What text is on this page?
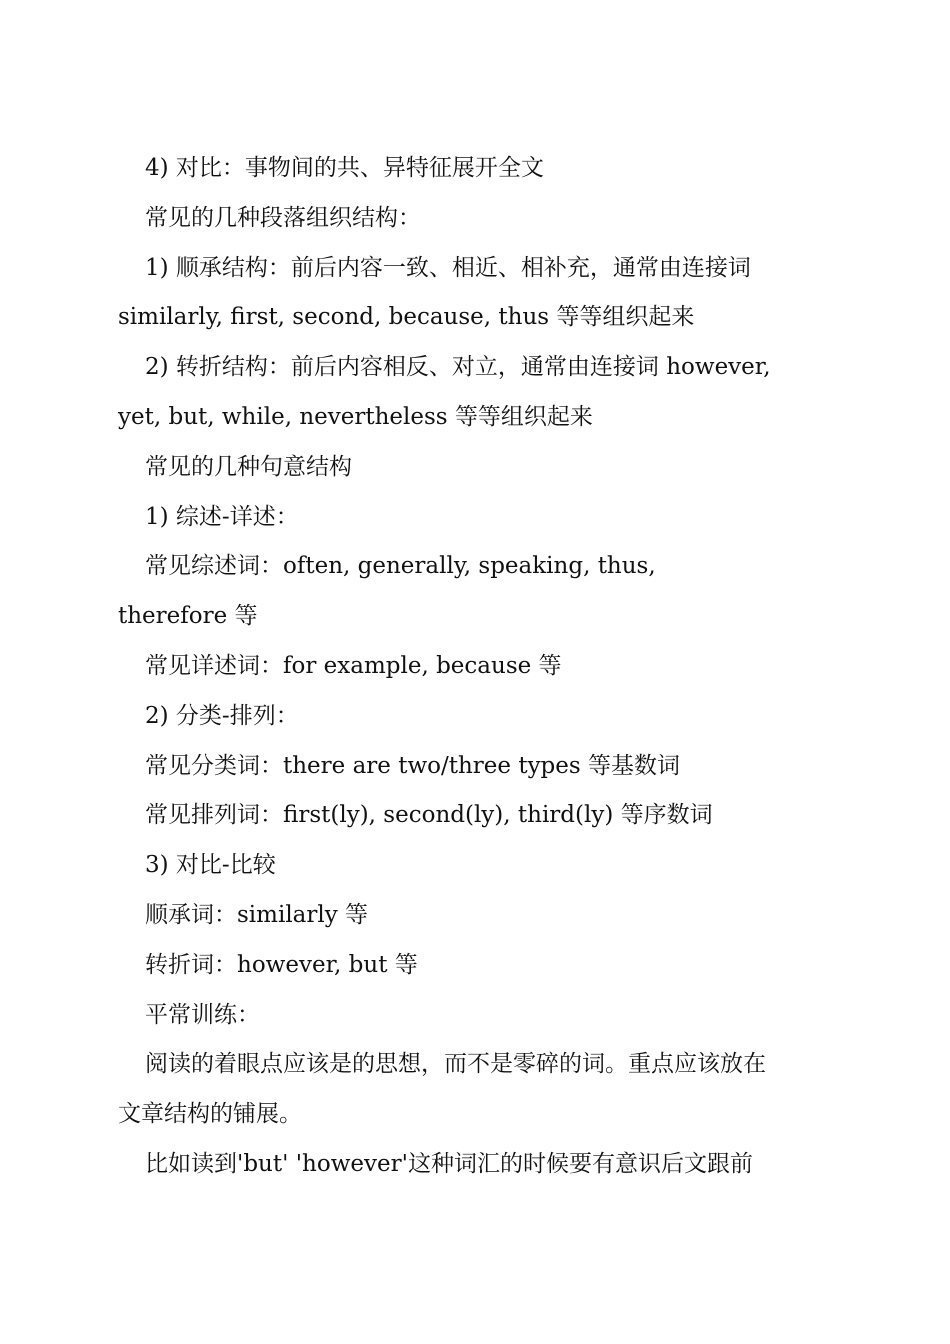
4) 对比：事物间的共、异特征展开全文
常见的几种段落组织结构：
1) 顺承结构：前后内容一致、相近、相补充，通常由连接词
similarly, first, second, because, thus 等等组织起来
2) 转折结构：前后内容相反、对立，通常由连接词 however,
yet, but, while, nevertheless 等等组织起来
常见的几种句意结构
1) 综述-详述：
常见综述词：often, generally, speaking, thus,
therefore 等
常见详述词：for example, because 等
2) 分类-排列：
常见分类词：there are two/three types 等基数词
常见排列词：first(ly), second(ly), third(ly) 等序数词
3) 对比-比较
顺承词：similarly 等
转折词：however, but 等
平常训练：
阅读的着眼点应该是的思想，而不是零碎的词。重点应该放在
文章结构的铺展。
比如读到'but' 'however'这种词汇的时候要有意识后文跟前
